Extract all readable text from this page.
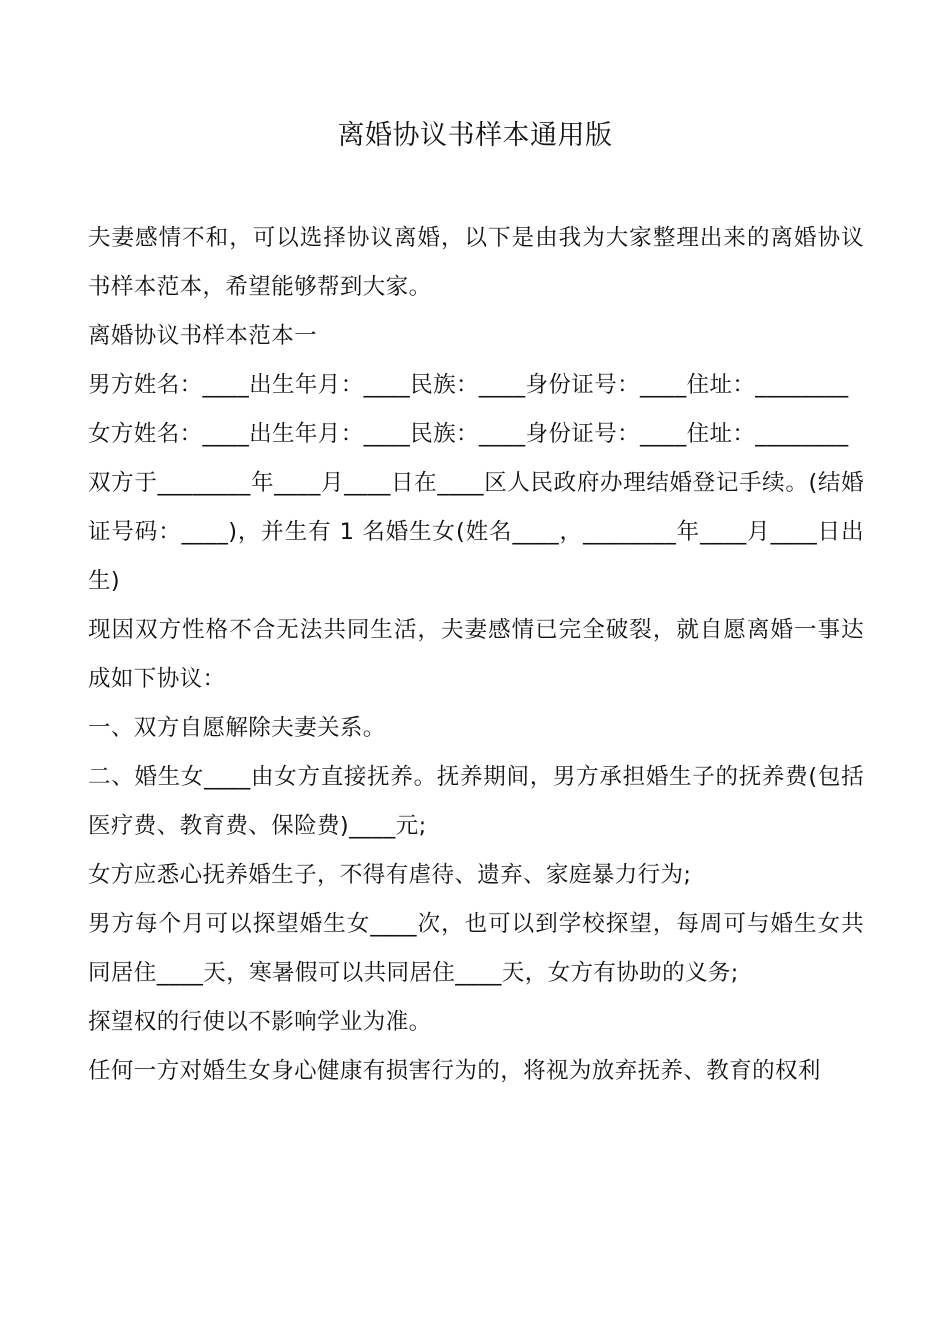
离婚协议书样本通用版

夫妻感情不和，可以选择协议离婚，以下是由我为大家整理出来的离婚协议书样本范本，希望能够帮到大家。

离婚协议书样本范本一

男方姓名：____出生年月：____民族：____身份证号：____住址：________

女方姓名：____出生年月：____民族：____身份证号：____住址：________

双方于________年____月____日在____区人民政府办理结婚登记手续。(结婚证号码：____)，并生有 1 名婚生女(姓名____，________年____月____日出生)

现因双方性格不合无法共同生活，夫妻感情已完全破裂，就自愿离婚一事达成如下协议：

一、双方自愿解除夫妻关系。

二、婚生女____由女方直接抚养。抚养期间，男方承担婚生子的抚养费(包括医疗费、教育费、保险费)____元;

女方应悉心抚养婚生子，不得有虐待、遗弃、家庭暴力行为;

男方每个月可以探望婚生女____次，也可以到学校探望，每周可与婚生女共同居住____天，寒暑假可以共同居住____天，女方有协助的义务;

探望权的行使以不影响学业为准。

任何一方对婚生女身心健康有损害行为的，将视为放弃抚养、教育的权利
